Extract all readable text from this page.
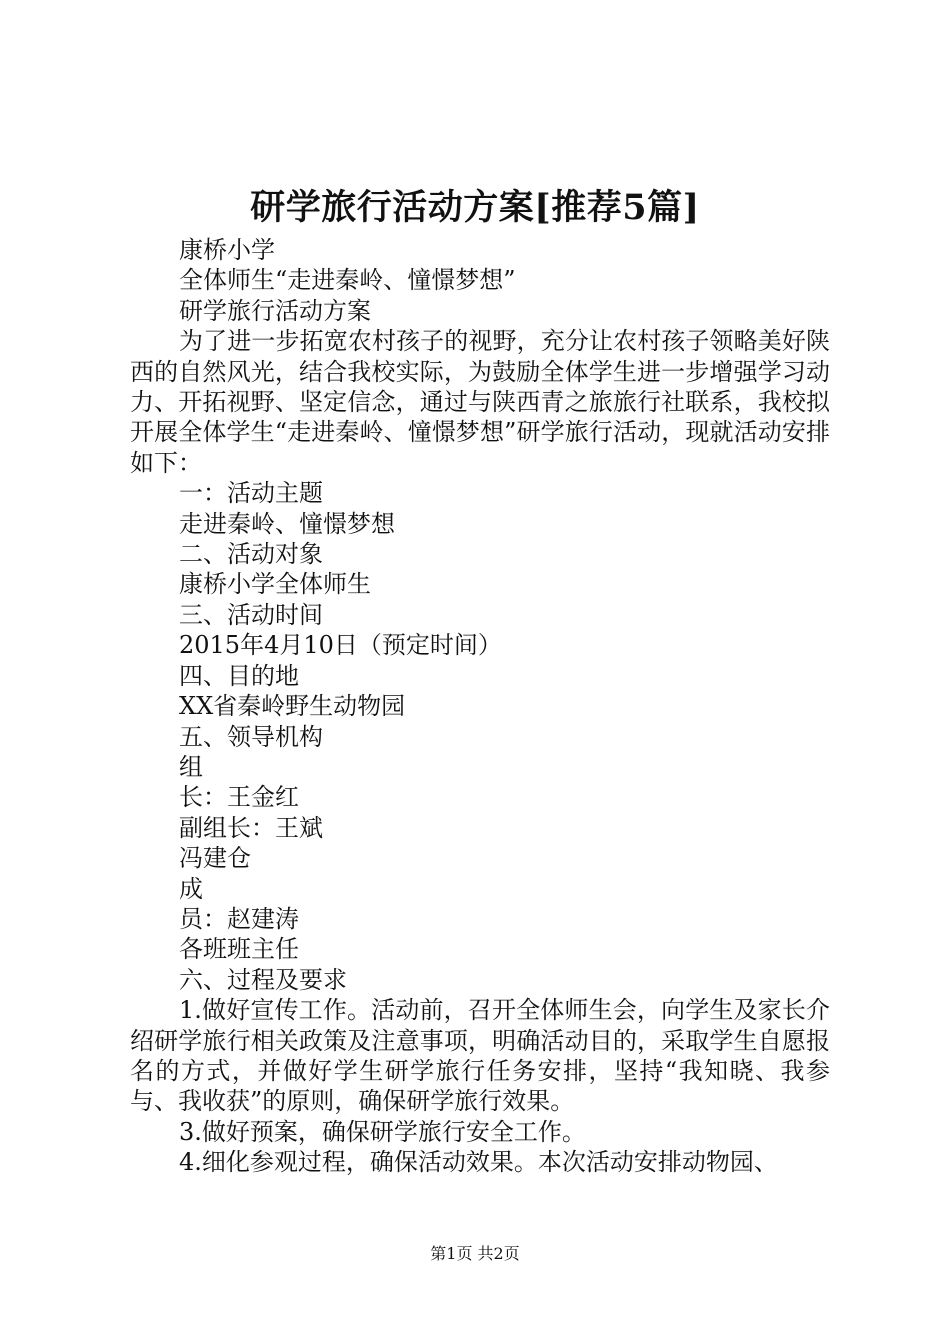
研学旅行活动方案[推荐5篇]

康桥小学

全体师生“走进秦岭、憧憬梦想”

研学旅行活动方案

为了进一步拓宽农村孩子的视野，充分让农村孩子领略美好陕西的自然风光，结合我校实际，为鼓励全体学生进一步增强学习动力、开拓视野、坚定信念，通过与陕西青之旅旅行社联系，我校拟开展全体学生“走进秦岭、憧憬梦想”研学旅行活动，现就活动安排如下：

一：活动主题

走进秦岭、憧憬梦想

二、活动对象

康桥小学全体师生

三、活动时间

2015年4月10日（预定时间）

四、目的地

XX省秦岭野生动物园

五、领导机构

组

长：王金红

副组长：王斌

冯建仓

成

员：赵建涛

各班班主任

六、过程及要求

1.做好宣传工作。活动前，召开全体师生会，向学生及家长介绍研学旅行相关政策及注意事项，明确活动目的，采取学生自愿报名的方式，并做好学生研学旅行任务安排，坚持“我知晓、我参与、我收获”的原则，确保研学旅行效果。

3.做好预案，确保研学旅行安全工作。

4.细化参观过程，确保活动效果。本次活动安排动物园、

第1页 共2页
